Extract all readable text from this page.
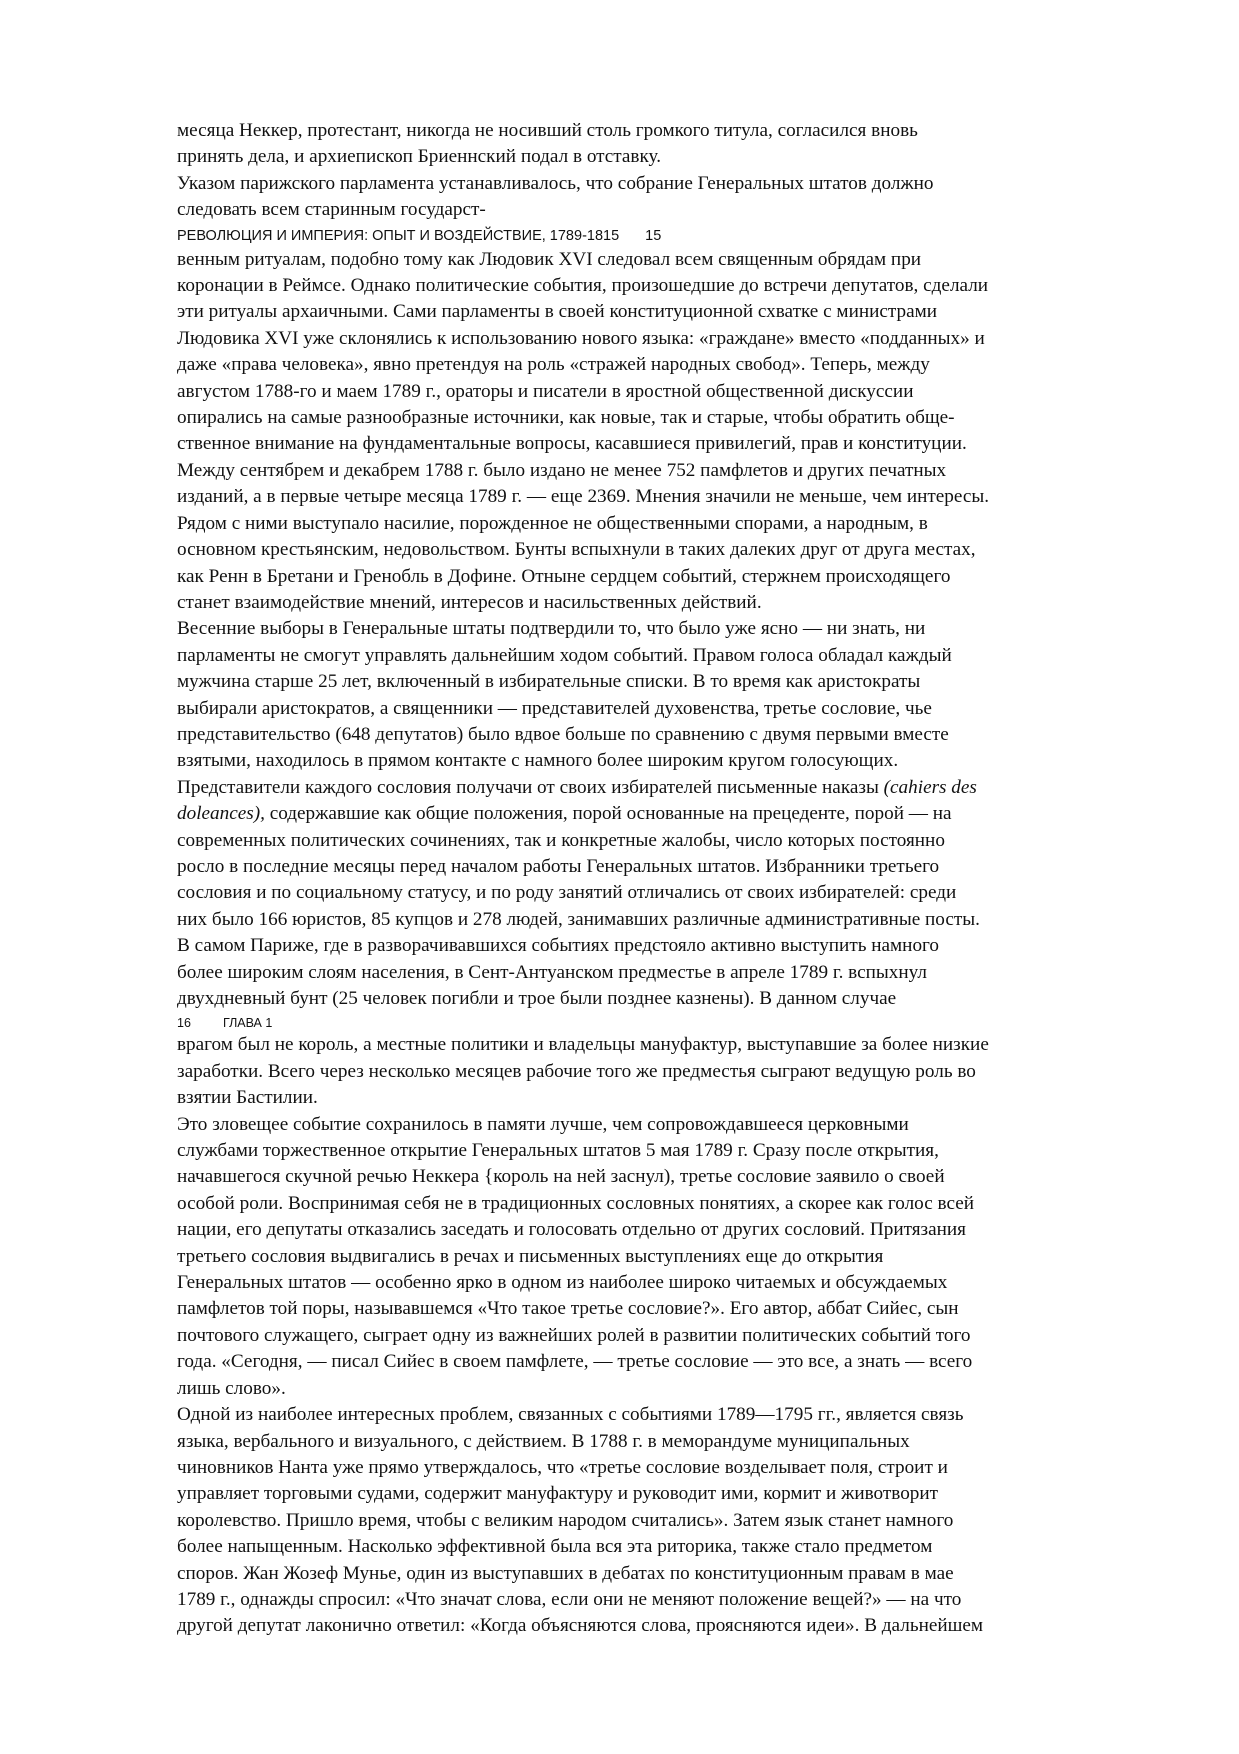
месяца Неккер, протестант, никогда не носивший столь громкого титула, согласился вновь
принять дела, и архиепископ Бриеннский подал в отставку.
Указом парижского парламента устанавливалось, что собрание Генеральных штатов должно
следовать всем старинным государст-
РЕВОЛЮЦИЯ И ИМПЕРИЯ: ОПЫТ И ВОЗДЕЙСТВИЕ, 1789-1815 15
венным ритуалам, подобно тому как Людовик XVI следовал всем священным обрядам при
коронации в Реймсе. Однако политические события, произошедшие до встречи депутатов, сделали
эти ритуалы архаичными. Сами парламенты в своей конституционной схватке с министрами
Людовика XVI уже склонялись к использованию нового языка: «граждане» вместо «подданных» и
даже «права человека», явно претендуя на роль «стражей народных свобод». Теперь, между
августом 1788-го и маем 1789 г., ораторы и писатели в яростной общественной дискуссии
опирались на самые разнообразные источники, как новые, так и старые, чтобы обратить обще-
ственное внимание на фундаментальные вопросы, касавшиеся привилегий, прав и конституции.
Между сентябрем и декабрем 1788 г. было издано не менее 752 памфлетов и других печатных
изданий, а в первые четыре месяца 1789 г. — еще 2369. Мнения значили не меньше, чем интересы.
Рядом с ними выступало насилие, порожденное не общественными спорами, а народным, в
основном крестьянским, недовольством. Бунты вспыхнули в таких далеких друг от друга местах,
как Ренн в Бретани и Гренобль в Дофине. Отныне сердцем событий, стержнем происходящего
станет взаимодействие мнений, интересов и насильственных действий.
Весенние выборы в Генеральные штаты подтвердили то, что было уже ясно — ни знать, ни
парламенты не смогут управлять дальнейшим ходом событий. Правом голоса обладал каждый
мужчина старше 25 лет, включенный в избирательные списки. В то время как аристократы
выбирали аристократов, а священники — представителей духовенства, третье сословие, чье
представительство (648 депутатов) было вдвое больше по сравнению с двумя первыми вместе
взятыми, находилось в прямом контакте с намного более широким кругом голосующих.
Представители каждого сословия получачи от своих избирателей письменные наказы (cahiers des
doleances), содержавшие как общие положения, порой основанные на прецеденте, порой — на
современных политических сочинениях, так и конкретные жалобы, число которых постоянно
росло в последние месяцы перед началом работы Генеральных штатов. Избранники третьего
сословия и по социальному статусу, и по роду занятий отличались от своих избирателей: среди
них было 166 юристов, 85 купцов и 278 людей, занимавших различные административные посты.
В самом Париже, где в разворачивавшихся событиях предстояло активно выступить намного
более широким слоям населения, в Сент-Антуанском предместье в апреле 1789 г. вспыхнул
двухдневный бунт (25 человек погибли и трое были позднее казнены). В данном случае
16	ГЛАВА 1
врагом был не король, а местные политики и владельцы мануфактур, выступавшие за более низкие
заработки. Всего через несколько месяцев рабочие того же предместья сыграют ведущую роль во
взятии Бастилии.
Это зловещее событие сохранилось в памяти лучше, чем сопровождавшееся церковными
службами торжественное открытие Генеральных штатов 5 мая 1789 г. Сразу после открытия,
начавшегося скучной речью Неккера {король на ней заснул), третье сословие заявило о своей
особой роли. Воспринимая себя не в традиционных сословных понятиях, а скорее как голос всей
нации, его депутаты отказались заседать и голосовать отдельно от других сословий. Притязания
третьего сословия выдвигались в речах и письменных выступлениях еще до открытия
Генеральных штатов — особенно ярко в одном из наиболее широко читаемых и обсуждаемых
памфлетов той поры, называвшемся «Что такое третье сословие?». Его автор, аббат Сийес, сын
почтового служащего, сыграет одну из важнейших ролей в развитии политических событий того
года. «Сегодня, — писал Сийес в своем памфлете, — третье сословие — это все, а знать — всего
лишь слово».
Одной из наиболее интересных проблем, связанных с событиями 1789—1795 гг., является связь
языка, вербального и визуального, с действием. В 1788 г. в меморандуме муниципальных
чиновников Нанта уже прямо утверждалось, что «третье сословие возделывает поля, строит и
управляет торговыми судами, содержит мануфактуру и руководит ими, кормит и животворит
королевство. Пришло время, чтобы с великим народом считались». Затем язык станет намного
более напыщенным. Насколько эффективной была вся эта риторика, также стало предметом
споров. Жан Жозеф Мунье, один из выступавших в дебатах по конституционным правам в мае
1789 г., однажды спросил: «Что значат слова, если они не меняют положение вещей?» — на что
другой депутат лаконично ответил: «Когда объясняются слова, проясняются идеи». В дальнейшем
